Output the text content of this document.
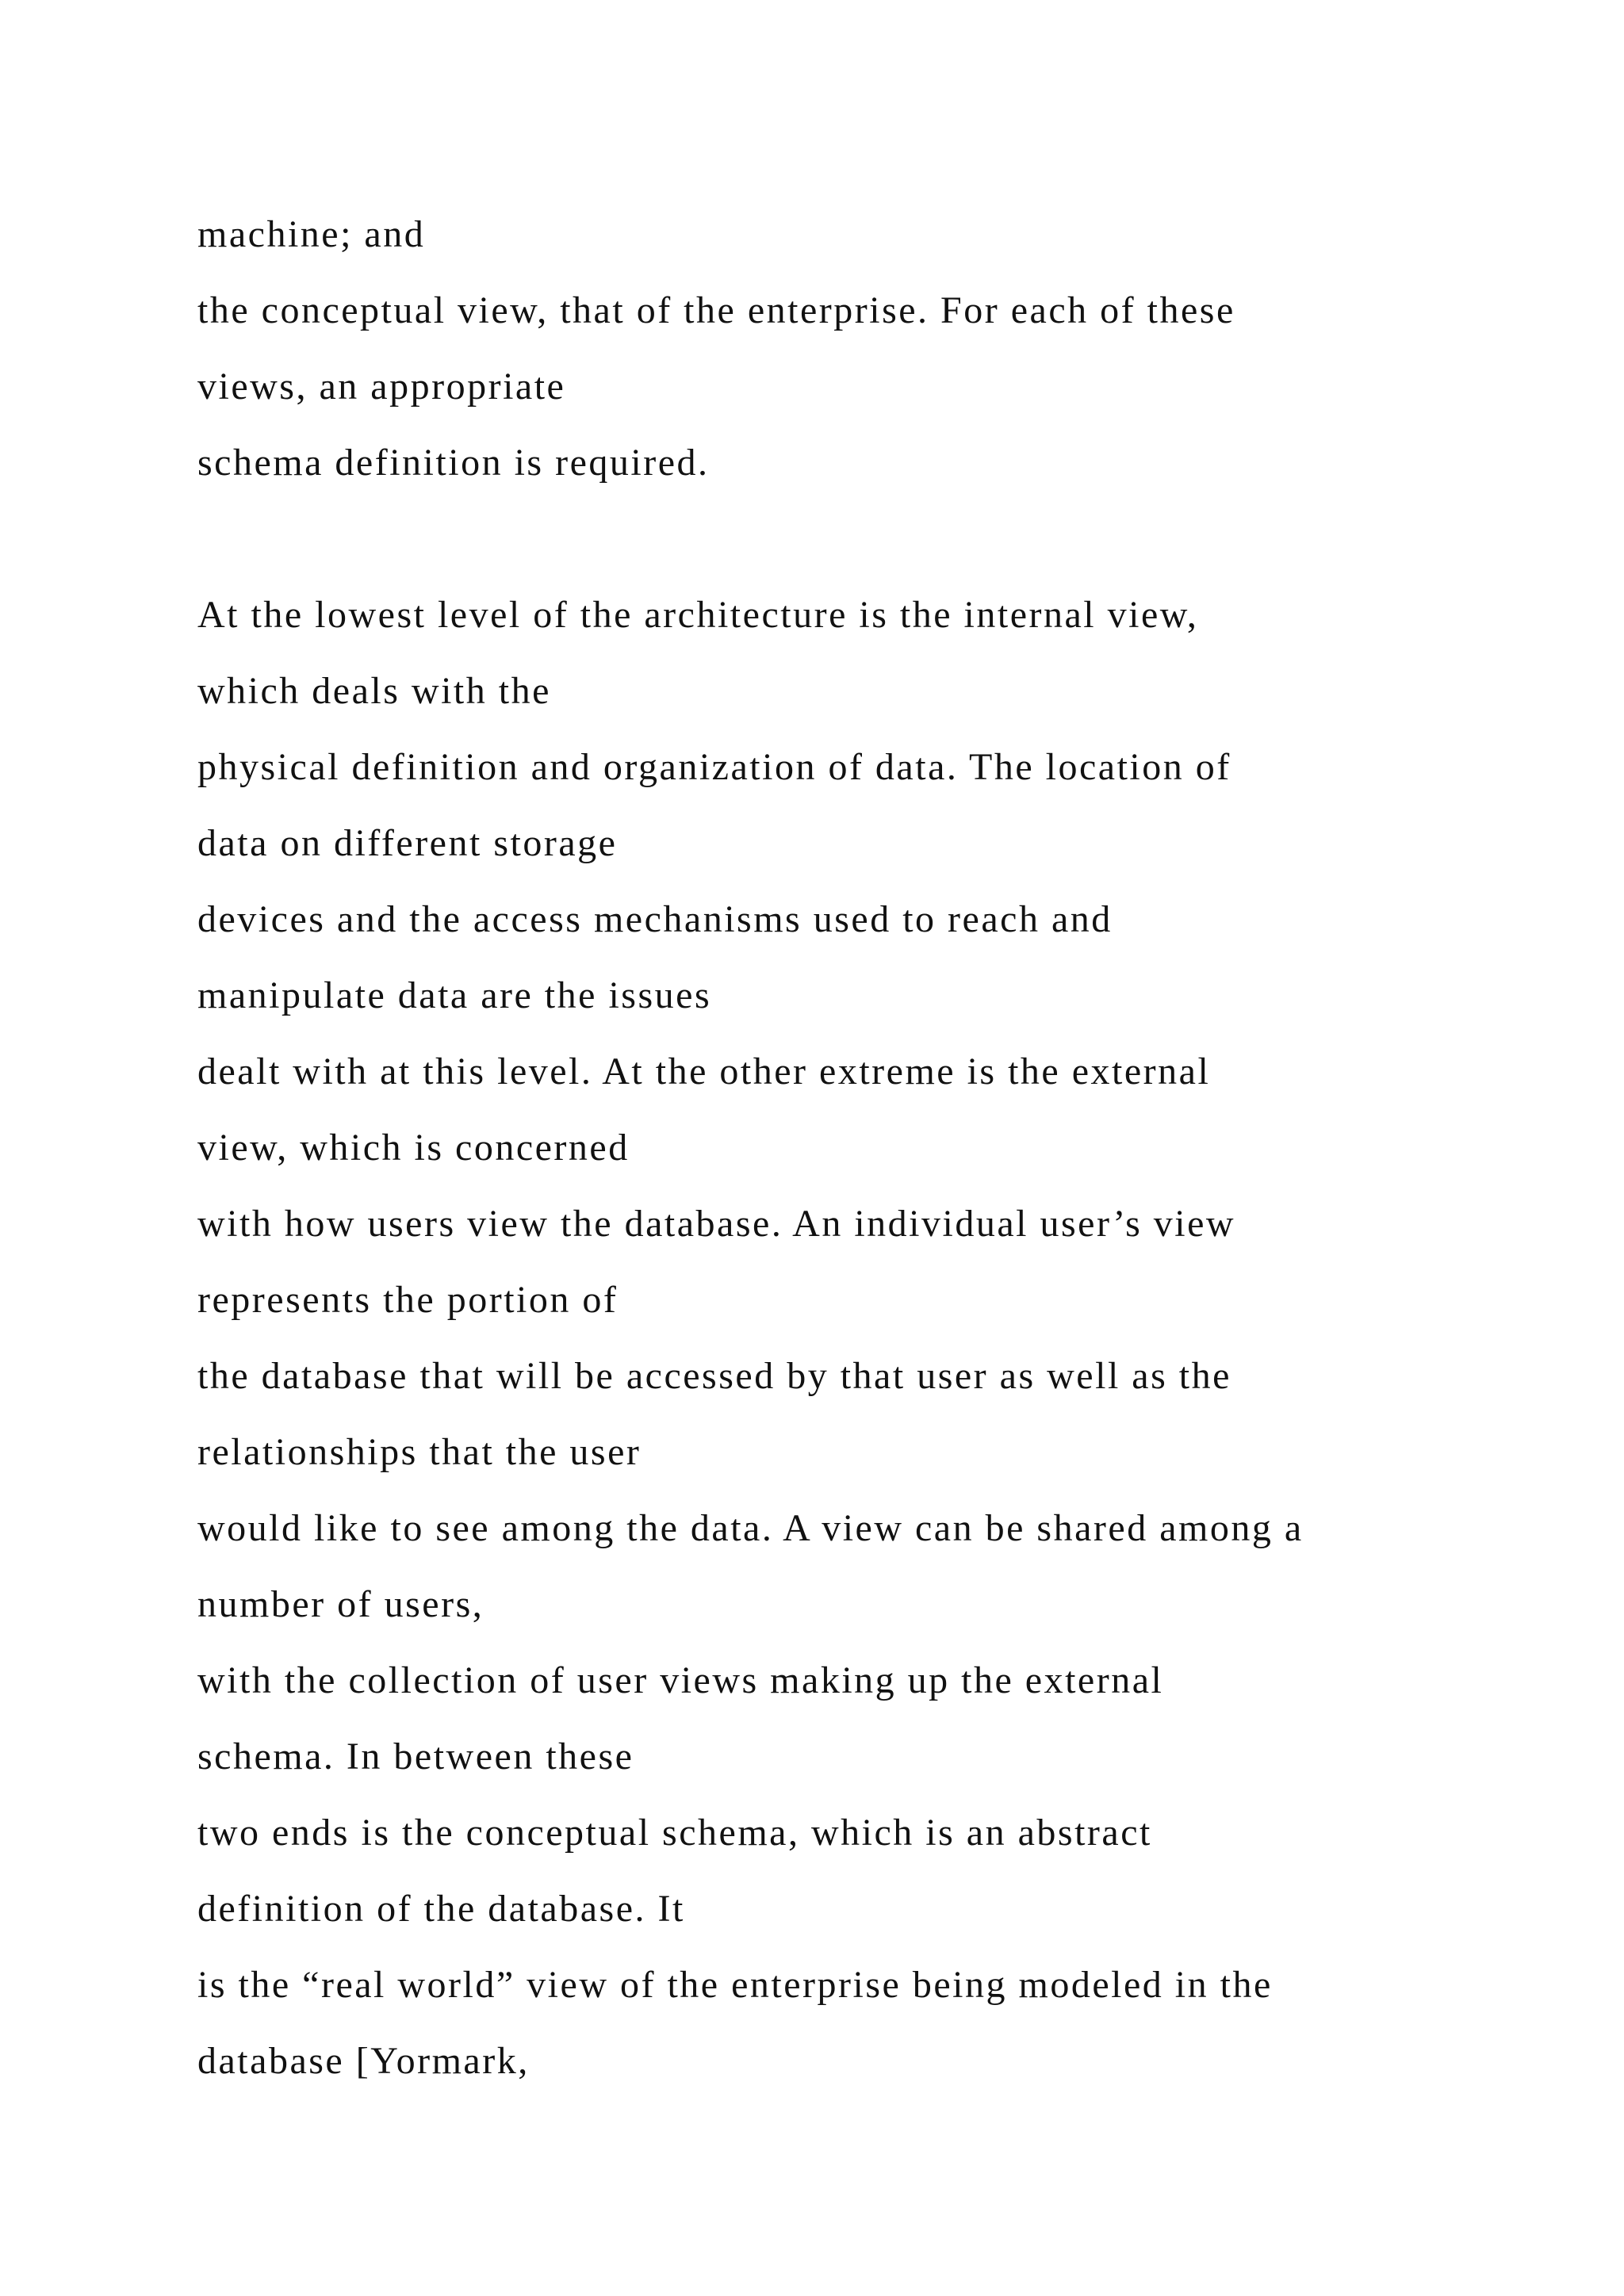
machine; and
the conceptual view, that of the enterprise. For each of these
views, an appropriate
schema definition is required.
At the lowest level of the architecture is the internal view,
which deals with the
physical definition and organization of data. The location of
data on different storage
devices and the access mechanisms used to reach and
manipulate data are the issues
dealt with at this level. At the other extreme is the external
view, which is concerned
with how users view the database. An individual user’s view
represents the portion of
the database that will be accessed by that user as well as the
relationships that the user
would like to see among the data. A view can be shared among a
number of users,
with the collection of user views making up the external
schema. In between these
two ends is the conceptual schema, which is an abstract
definition of the database. It
is the “real world” view of the enterprise being modeled in the
database [Yormark,
